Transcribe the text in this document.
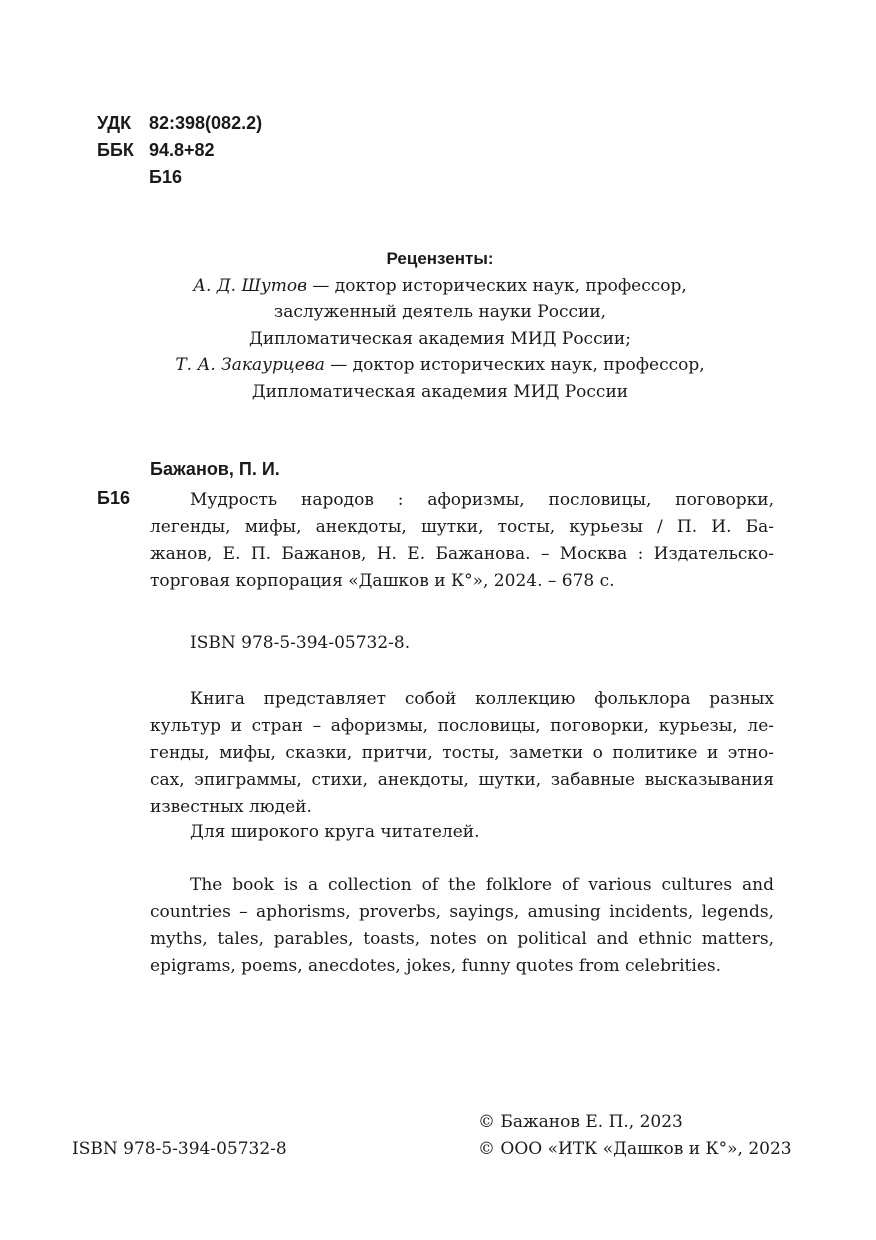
УДК 82:398(082.2)
ББК 94.8+82
Б16
Рецензенты:
А. Д. Шутов — доктор исторических наук, профессор,
заслуженный деятель науки России,
Дипломатическая академия МИД России;
Т. А. Закаурцева — доктор исторических наук, профессор,
Дипломатическая академия МИД России
Бажанов, П. И.
Б16	Мудрость народов : афоризмы, пословицы, поговорки,
легенды, мифы, анекдоты, шутки, тосты, курьезы / П. И. Ба-
жанов, Е. П. Бажанов, Н. Е. Бажанова. – Москва : Издательско-
торговая корпорация «Дашков и К°», 2024. – 678 с.
ISBN 978-5-394-05732-8.
Книга представляет собой коллекцию фольклора разных
культур и стран – афоризмы, пословицы, поговорки, курьезы, ле-
генды, мифы, сказки, притчи, тосты, заметки о политике и этно-
сах, эпиграммы, стихи, анекдоты, шутки, забавные высказывания
известных людей.
Для широкого круга читателей.
The book is a collection of the folklore of various cultures and
countries – aphorisms, proverbs, sayings, amusing incidents, legends,
myths, tales, parables, toasts, notes on political and ethnic matters,
epigrams, poems, anecdotes, jokes, funny quotes from celebrities.
© Бажанов Е. П., 2023
ISBN 978-5-394-05732-8	© ООО «ИТК «Дашков и К°», 2023
